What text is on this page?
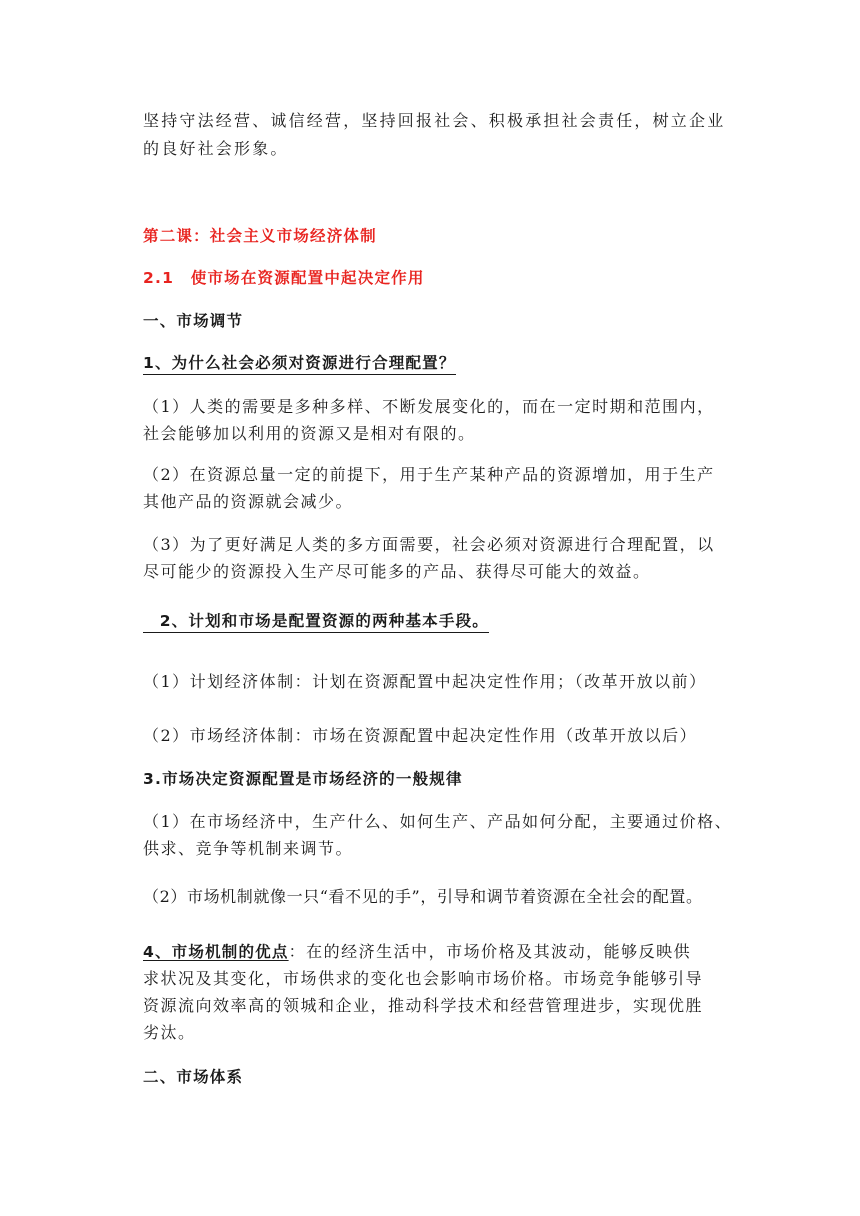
坚持守法经营、诚信经营，坚持回报社会、积极承担社会责任，树立企业
的良好社会形象。
第二课：社会主义市场经济体制
2.1　使市场在资源配置中起决定作用
一、市场调节
1、为什么社会必须对资源进行合理配置？
（1）人类的需要是多种多样、不断发展变化的，而在一定时期和范围内，
社会能够加以利用的资源又是相对有限的。
（2）在资源总量一定的前提下，用于生产某种产品的资源增加，用于生产
其他产品的资源就会减少。
（3）为了更好满足人类的多方面需要，社会必须对资源进行合理配置，以
尽可能少的资源投入生产尽可能多的产品、获得尽可能大的效益。
　2、计划和市场是配置资源的两种基本手段。
（1）计划经济体制：计划在资源配置中起决定性作用；（改革开放以前）
（2）市场经济体制：市场在资源配置中起决定性作用（改革开放以后）
3.市场决定资源配置是市场经济的一般规律
（1）在市场经济中，生产什么、如何生产、产品如何分配，主要通过价格、
供求、竞争等机制来调节。
（2）市场机制就像一只“看不见的手”，引导和调节着资源在全社会的配置。
4、市场机制的优点：在的经济生活中，市场价格及其波动，能够反映供
求状况及其变化，市场供求的变化也会影响市场价格。市场竞争能够引导
资源流向效率高的领城和企业，推动科学技术和经营管理进步，实现优胜
劣汰。
二、市场体系
